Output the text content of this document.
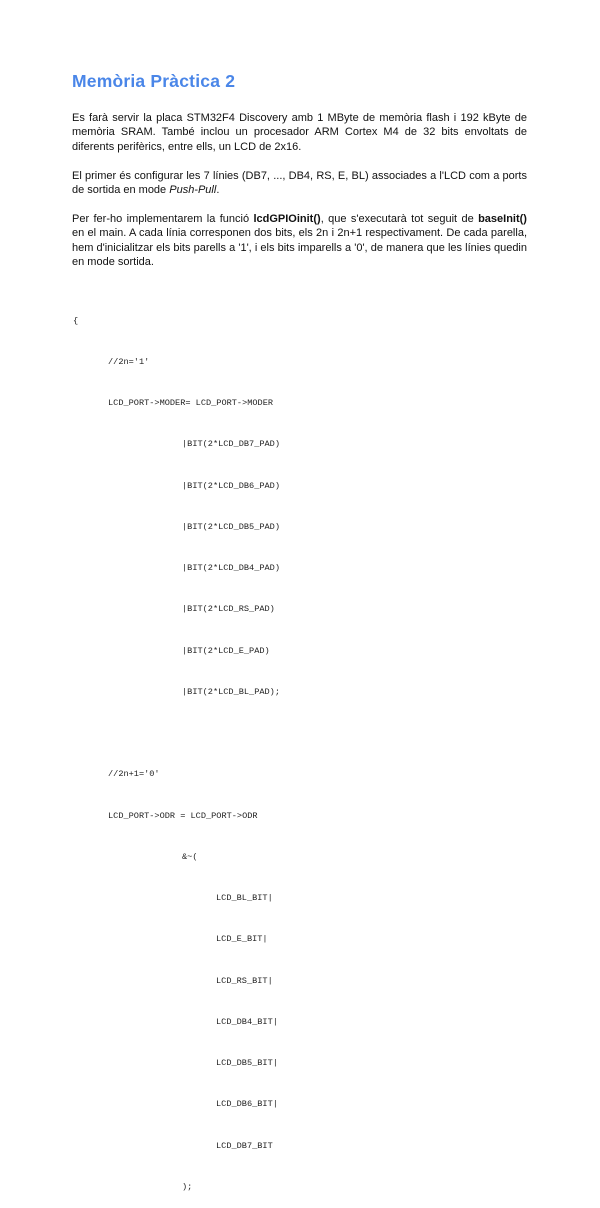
Memòria Pràctica 2

Es farà servir la placa STM32F4 Discovery amb 1 MByte de memòria flash i 192 kByte de memòria SRAM. També inclou un procesador ARM Cortex M4 de 32 bits envoltats de diferents perifèrics, entre ells, un LCD de 2x16.

El primer és configurar les 7 línies (DB7, ..., DB4, RS, E, BL) associades a l'LCD com a ports de sortida en mode Push-Pull.

Per fer-ho implementarem la funció lcdGPIOinit(), que s'executarà tot seguit de baseInit() en el main. A cada línia corresponen dos bits, els 2n i 2n+1 respectivament. De cada parella, hem d'inicialitzar els bits parells a '1', i els bits imparells a '0', de manera que les línies quedin en mode sortida.

{

//2n='1'

LCD_PORT->MODER= LCD_PORT->MODER

|BIT(2*LCD_DB7_PAD)

|BIT(2*LCD_DB6_PAD)

|BIT(2*LCD_DB5_PAD)

|BIT(2*LCD_DB4_PAD)

|BIT(2*LCD_RS_PAD)

|BIT(2*LCD_E_PAD)

|BIT(2*LCD_BL_PAD);

//2n+1='0'

LCD_PORT->ODR = LCD_PORT->ODR

&~(

LCD_BL_BIT|

LCD_E_BIT|

LCD_RS_BIT|

LCD_DB4_BIT|

LCD_DB5_BIT|

LCD_DB6_BIT|

LCD_DB7_BIT

);
